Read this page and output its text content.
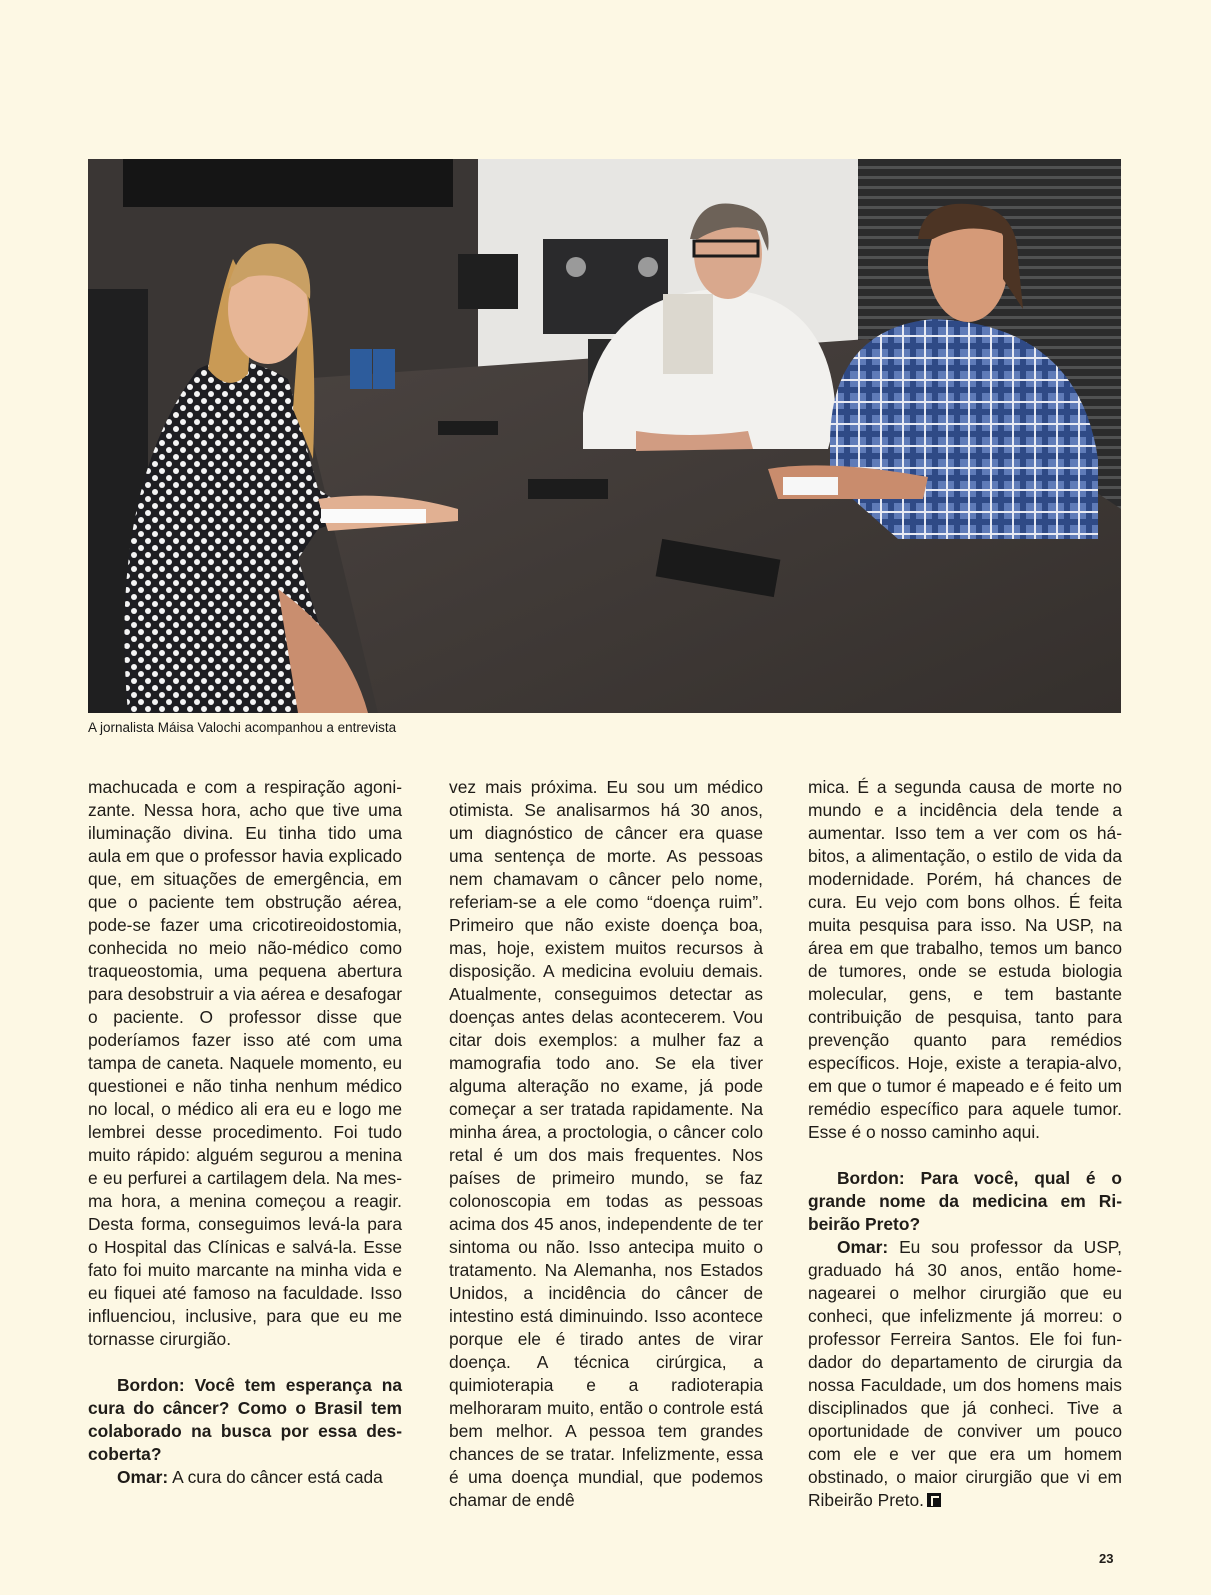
A jornalista Máisa Valochi acompanhou a entrevista

machucada e com a respiração agonizante. Nessa hora, acho que tive uma iluminação divina. Eu tinha tido uma aula em que o professor havia explicado que, em situações de emergência, em que o paciente tem obstrução aérea, pode-se fazer uma cricotireoidostomia, conhecida no meio não-médico como traqueostomia, uma pequena abertura para desobstruir a via aérea e desafogar o paciente. O professor disse que poderíamos fazer isso até com uma tampa de caneta. Naquele momento, eu questionei e não tinha nenhum médico no local, o médico ali era eu e logo me lembrei desse procedimento. Foi tudo muito rápido: alguém segurou a menina e eu perfurei a cartilagem dela. Na mesma hora, a menina começou a reagir. Desta forma, conseguimos levá-la para o Hospital das Clínicas e salvá-la. Esse fato foi muito marcante na minha vida e eu fiquei até famoso na faculdade. Isso influenciou, inclusive, para que eu me tornasse cirurgião.

Bordon: Você tem esperança na cura do câncer? Como o Brasil tem colaborado na busca por essa descoberta?

Omar: A cura do câncer está cada

vez mais próxima. Eu sou um médico otimista. Se analisarmos há 30 anos, um diagnóstico de câncer era quase uma sentença de morte. As pessoas nem chamavam o câncer pelo nome, referiam-se a ele como “doença ruim”. Primeiro que não existe doença boa, mas, hoje, existem muitos recursos à disposição. A medicina evoluiu demais. Atualmente, conseguimos detectar as doenças antes delas acontecerem. Vou citar dois exemplos: a mulher faz a mamografia todo ano. Se ela tiver alguma alteração no exame, já pode começar a ser tratada rapidamente. Na minha área, a proctologia, o câncer colo retal é um dos mais frequentes. Nos países de primeiro mundo, se faz colonoscopia em todas as pessoas acima dos 45 anos, independente de ter sintoma ou não. Isso antecipa muito o tratamento. Na Alemanha, nos Estados Unidos, a incidência do câncer de intestino está diminuindo. Isso acontece porque ele é tirado antes de virar doença. A técnica cirúrgica, a quimioterapia e a radioterapia melhoraram muito, então o controle está bem melhor. A pessoa tem grandes chances de se tratar. Infelizmente, essa é uma doença mundial, que podemos chamar de endê

mica. É a segunda causa de morte no mundo e a incidência dela tende a aumentar. Isso tem a ver com os hábitos, a alimentação, o estilo de vida da modernidade. Porém, há chances de cura. Eu vejo com bons olhos. É feita muita pesquisa para isso. Na USP, na área em que trabalho, temos um banco de tumores, onde se estuda biologia molecular, gens, e tem bastante contribuição de pesquisa, tanto para prevenção quanto para remédios específicos. Hoje, existe a terapia-alvo, em que o tumor é mapeado e é feito um remédio específico para aquele tumor. Esse é o nosso caminho aqui.

Bordon: Para você, qual é o grande nome da medicina em Ribeirão Preto?

Omar: Eu sou professor da USP, graduado há 30 anos, então homenagearei o melhor cirurgião que eu conheci, que infelizmente já morreu: o professor Ferreira Santos. Ele foi fundador do departamento de cirurgia da nossa Faculdade, um dos homens mais disciplinados que já conheci. Tive a oportunidade de conviver um pouco com ele e ver que era um homem obstinado, o maior cirurgião que vi em Ribeirão Preto.

23
